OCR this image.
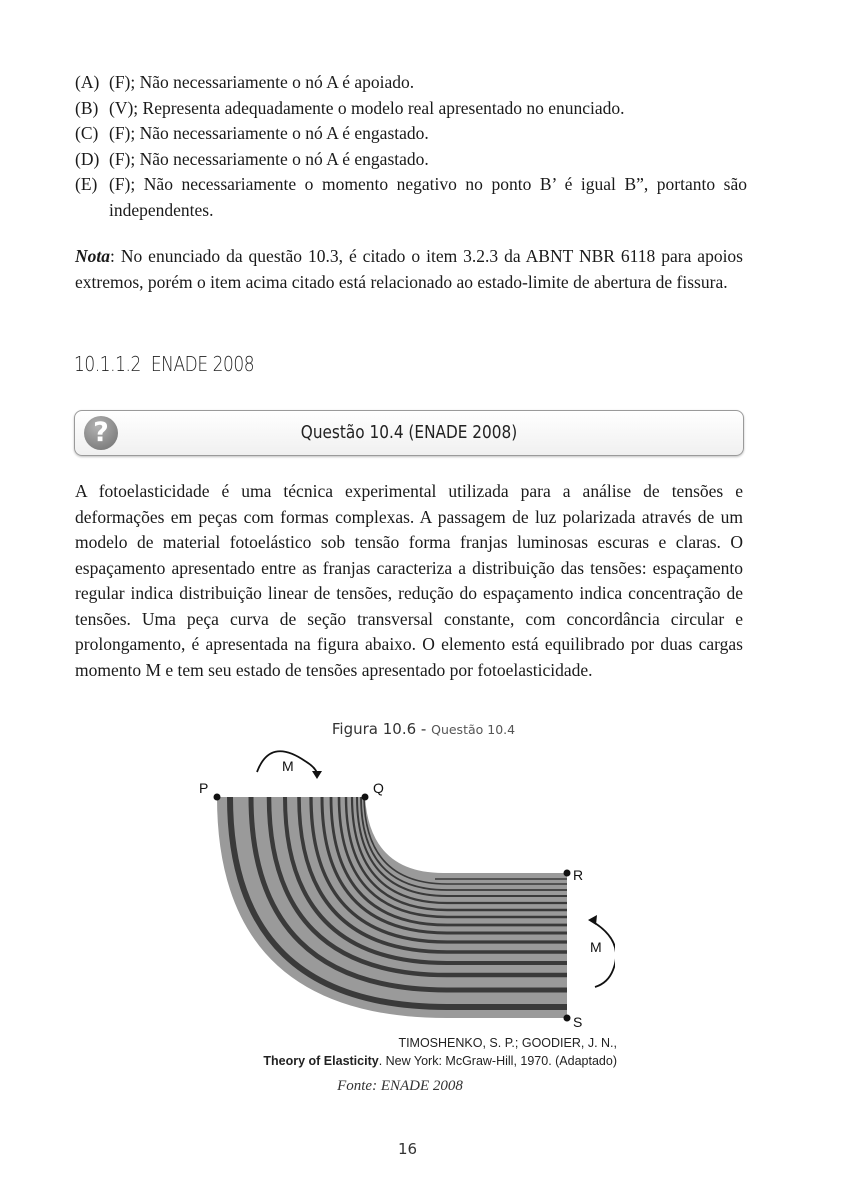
(A) (F); Não necessariamente o nó A é apoiado.
(B) (V); Representa adequadamente o modelo real apresentado no enunciado.
(C) (F); Não necessariamente o nó A é engastado.
(D) (F); Não necessariamente o nó A é engastado.
(E) (F); Não necessariamente o momento negativo no ponto B’ é igual B”, portanto são independentes.
Nota: No enunciado da questão 10.3, é citado o item 3.2.3 da ABNT NBR 6118 para apoios extremos, porém o item acima citado está relacionado ao estado-limite de abertura de fissura.
10.1.1.2 ENADE 2008
?	Questão 10.4 (ENADE 2008)
A fotoelasticidade é uma técnica experimental utilizada para a análise de tensões e deformações em peças com formas complexas. A passagem de luz polarizada através de um modelo de material fotoelástico sob tensão forma franjas luminosas escuras e claras. O espaçamento apresentado entre as franjas caracteriza a distribuição das tensões: espaçamento regular indica distribuição linear de tensões, redução do espaçamento indica concentração de tensões. Uma peça curva de seção transversal constante, com concordância circular e prolongamento, é apresentada na figura abaixo. O elemento está equilibrado por duas cargas momento M e tem seu estado de tensões apresentado por fotoelasticidade.
Figura 10.6 - Questão 10.4
P	Q
R
S
M
M
TIMOSHENKO, S. P.; GOODIER, J. N.,
Theory of Elasticity. New York: McGraw-Hill, 1970. (Adaptado)
Fonte: ENADE 2008
16
